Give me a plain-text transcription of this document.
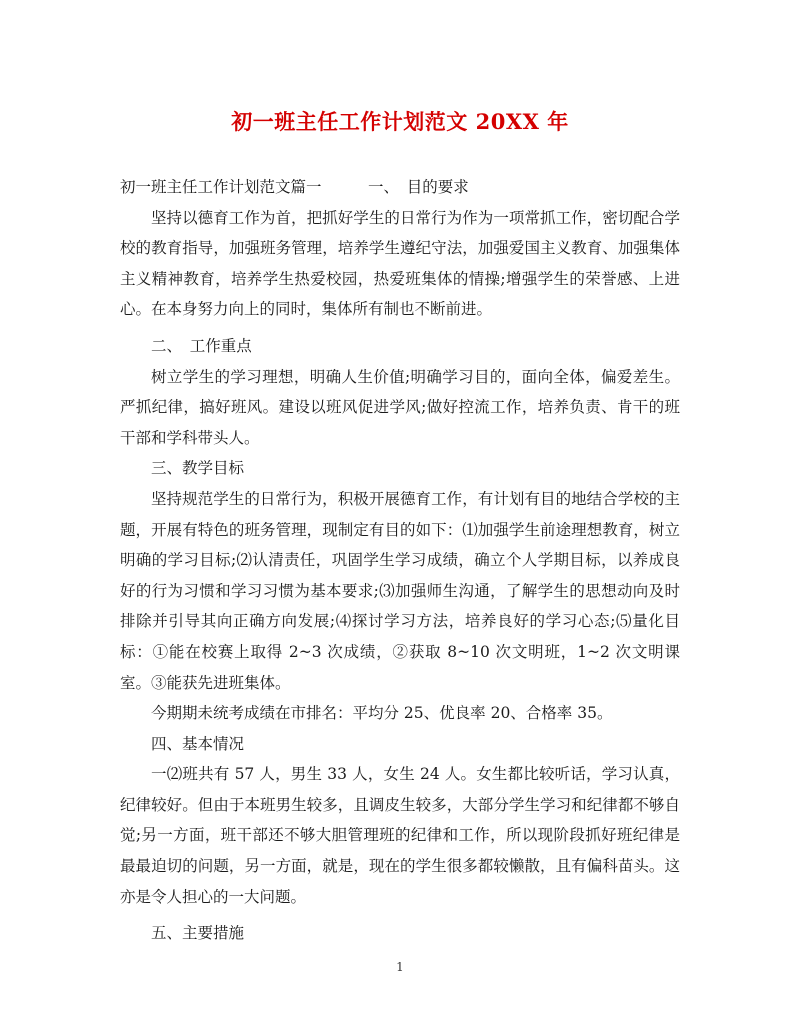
初一班主任工作计划范文 20XX 年

初一班主任工作计划范文篇一　　　一、　目的要求

坚持以德育工作为首，把抓好学生的日常行为作为一项常抓工作，密切配合学校的教育指导，加强班务管理，培养学生遵纪守法，加强爱国主义教育、加强集体主义精神教育，培养学生热爱校园，热爱班集体的情操;增强学生的荣誉感、上进心。在本身努力向上的同时，集体所有制也不断前进。

二、　工作重点

树立学生的学习理想，明确人生价值;明确学习目的，面向全体，偏爱差生。严抓纪律，搞好班风。建设以班风促进学风;做好控流工作，培养负责、肯干的班干部和学科带头人。

三、教学目标

坚持规范学生的日常行为，积极开展德育工作，有计划有目的地结合学校的主题，开展有特色的班务管理，现制定有目的如下：⑴加强学生前途理想教育，树立明确的学习目标;⑵认清责任，巩固学生学习成绩，确立个人学期目标，以养成良好的行为习惯和学习习惯为基本要求;⑶加强师生沟通，了解学生的思想动向及时排除并引导其向正确方向发展;⑷探讨学习方法，培养良好的学习心态;⑸量化目标：①能在校赛上取得 2~3 次成绩，②获取 8~10 次文明班，1~2 次文明课室。③能获先进班集体。

今期期未统考成绩在市排名：平均分 25、优良率 20、合格率 35。

四、基本情况

一⑵班共有 57 人，男生 33 人，女生 24 人。女生都比较听话，学习认真，纪律较好。但由于本班男生较多，且调皮生较多，大部分学生学习和纪律都不够自觉;另一方面，班干部还不够大胆管理班的纪律和工作，所以现阶段抓好班纪律是最最迫切的问题，另一方面，就是，现在的学生很多都较懒散，且有偏科苗头。这亦是令人担心的一大问题。

五、主要措施

1
